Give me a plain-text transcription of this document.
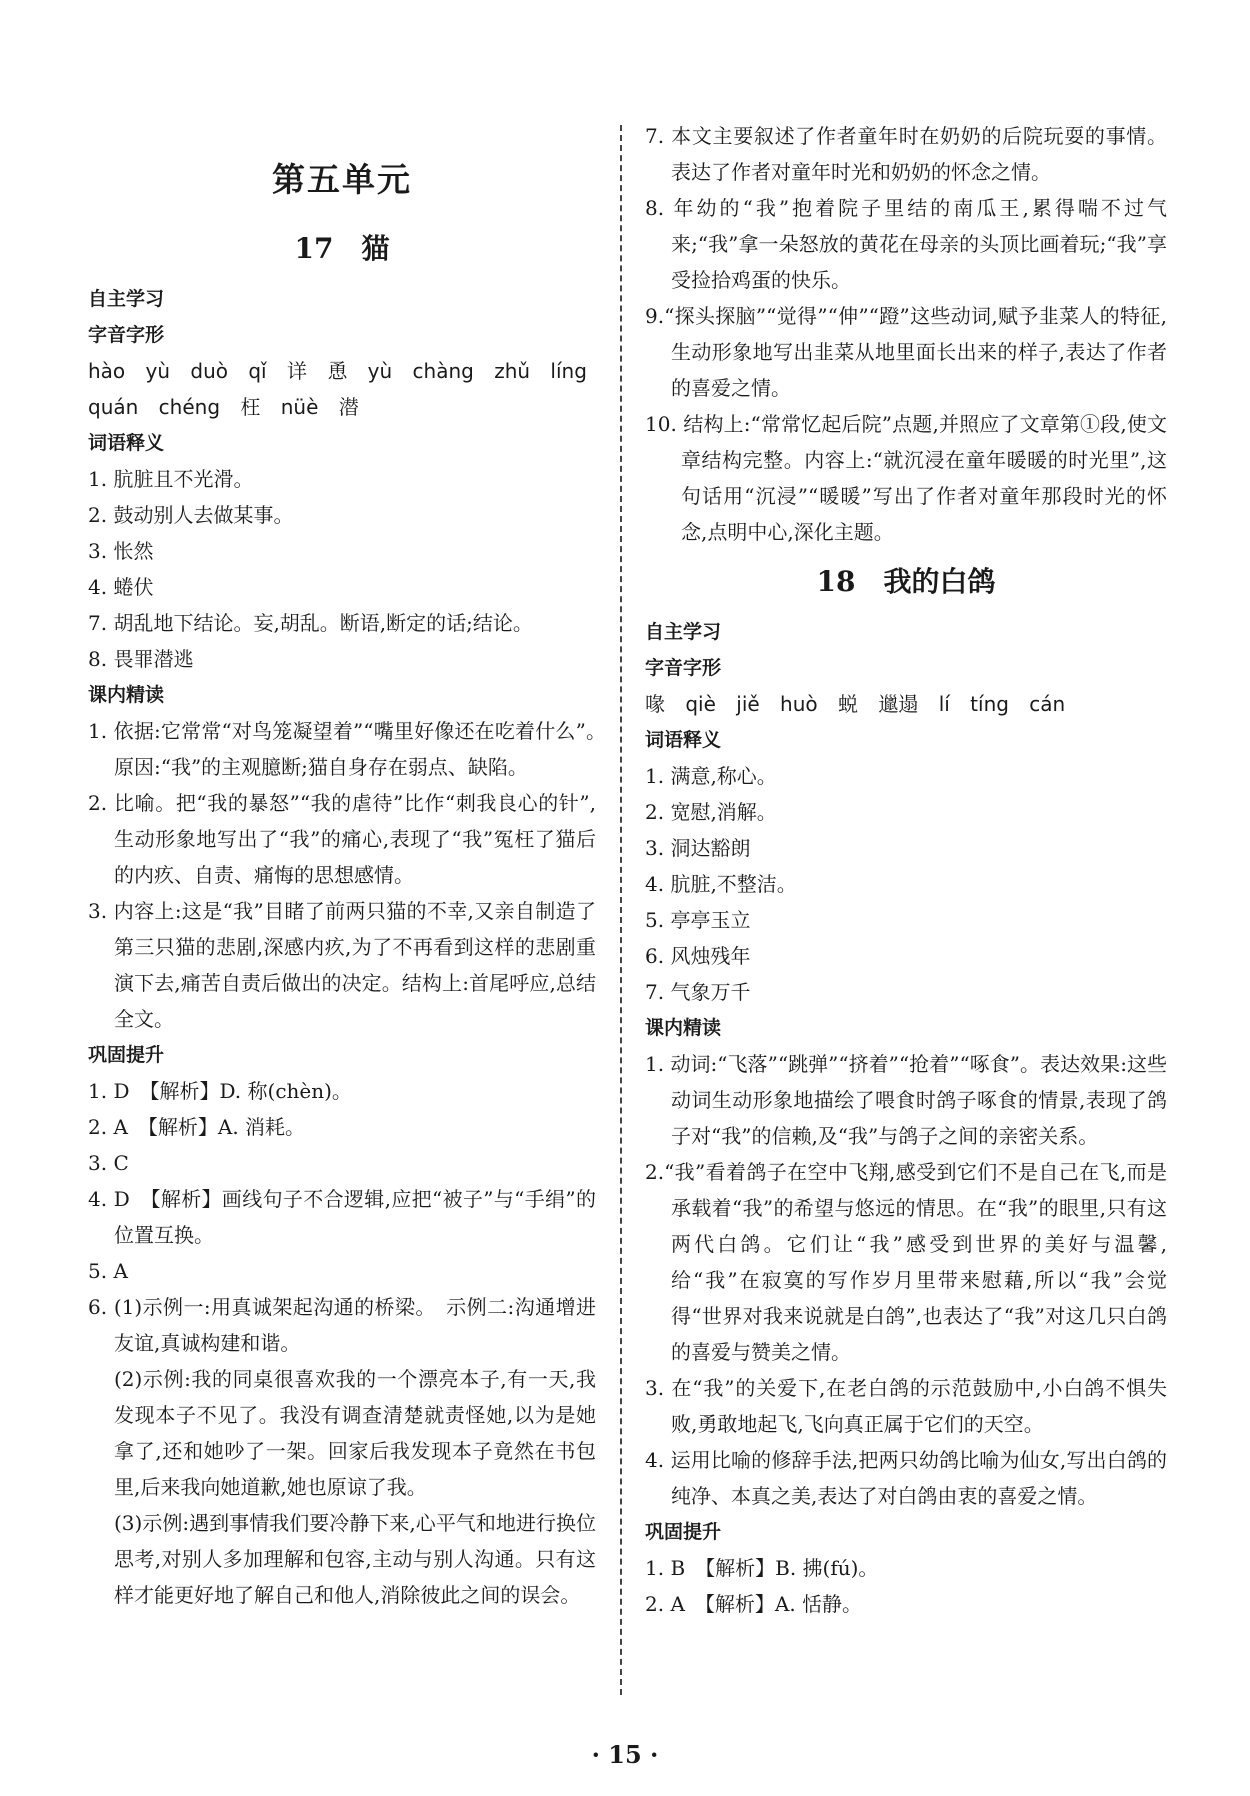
第五单元
17　猫
自主学习
字音字形
hào yù duò qǐ 详 恿 yù chàng zhǔ líng
quán chéng 枉 nüè 潜
词语释义
1. 肮脏且不光滑。
2. 鼓动别人去做某事。
3. 怅然
4. 蜷伏
7. 胡乱地下结论。妄,胡乱。断语,断定的话;结论。
8. 畏罪潜逃
课内精读
1. 依据:它常常“对鸟笼凝望着”“嘴里好像还在吃着什么”。　原因:“我”的主观臆断;猫自身存在弱点、缺陷。
2. 比喻。把“我的暴怒”“我的虐待”比作“刺我良心的针”,生动形象地写出了“我”的痛心,表现了“我”冤枉了猫后的内疚、自责、痛悔的思想感情。
3. 内容上:这是“我”目睹了前两只猫的不幸,又亲自制造了第三只猫的悲剧,深感内疚,为了不再看到这样的悲剧重演下去,痛苦自责后做出的决定。结构上:首尾呼应,总结全文。
巩固提升
1. D　【解析】D. 称(chèn)。
2. A　【解析】A. 消耗。
3. C
4. D　【解析】画线句子不合逻辑,应把“被子”与“手绢”的位置互换。
5. A
6. (1)示例一:用真诚架起沟通的桥梁。　示例二:沟通增进友谊,真诚构建和谐。
(2)示例:我的同桌很喜欢我的一个漂亮本子,有一天,我发现本子不见了。我没有调查清楚就责怪她,以为是她拿了,还和她吵了一架。回家后我发现本子竟然在书包里,后来我向她道歉,她也原谅了我。
(3)示例:遇到事情我们要冷静下来,心平气和地进行换位思考,对别人多加理解和包容,主动与别人沟通。只有这样才能更好地了解自己和他人,消除彼此之间的误会。
7. 本文主要叙述了作者童年时在奶奶的后院玩耍的事情。表达了作者对童年时光和奶奶的怀念之情。
8. 年幼的“我”抱着院子里结的南瓜王,累得喘不过气来;“我”拿一朵怒放的黄花在母亲的头顶比画着玩;“我”享受捡拾鸡蛋的快乐。
9.“探头探脑”“觉得”“伸”“蹬”这些动词,赋予韭菜人的特征,生动形象地写出韭菜从地里面长出来的样子,表达了作者的喜爱之情。
10. 结构上:“常常忆起后院”点题,并照应了文章第①段,使文章结构完整。内容上:“就沉浸在童年暖暖的时光里”,这句话用“沉浸”“暖暖”写出了作者对童年那段时光的怀念,点明中心,深化主题。
18　我的白鸽
自主学习
字音字形
喙 qiè jiě huò 蜕 邋遢 lí tíng cán
词语释义
1. 满意,称心。
2. 宽慰,消解。
3. 洞达豁朗
4. 肮脏,不整洁。
5. 亭亭玉立
6. 风烛残年
7. 气象万千
课内精读
1. 动词:“飞落”“跳弹”“挤着”“抢着”“啄食”。表达效果:这些动词生动形象地描绘了喂食时鸽子啄食的情景,表现了鸽子对“我”的信赖,及“我”与鸽子之间的亲密关系。
2.“我”看着鸽子在空中飞翔,感受到它们不是自己在飞,而是承载着“我”的希望与悠远的情思。在“我”的眼里,只有这两代白鸽。它们让“我”感受到世界的美好与温馨,给“我”在寂寞的写作岁月里带来慰藉,所以“我”会觉得“世界对我来说就是白鸽”,也表达了“我”对这几只白鸽的喜爱与赞美之情。
3. 在“我”的关爱下,在老白鸽的示范鼓励中,小白鸽不惧失败,勇敢地起飞,飞向真正属于它们的天空。
4. 运用比喻的修辞手法,把两只幼鸽比喻为仙女,写出白鸽的纯净、本真之美,表达了对白鸽由衷的喜爱之情。
巩固提升
1. B　【解析】B. 拂(fú)。
2. A　【解析】A. 恬静。
· 15 ·
